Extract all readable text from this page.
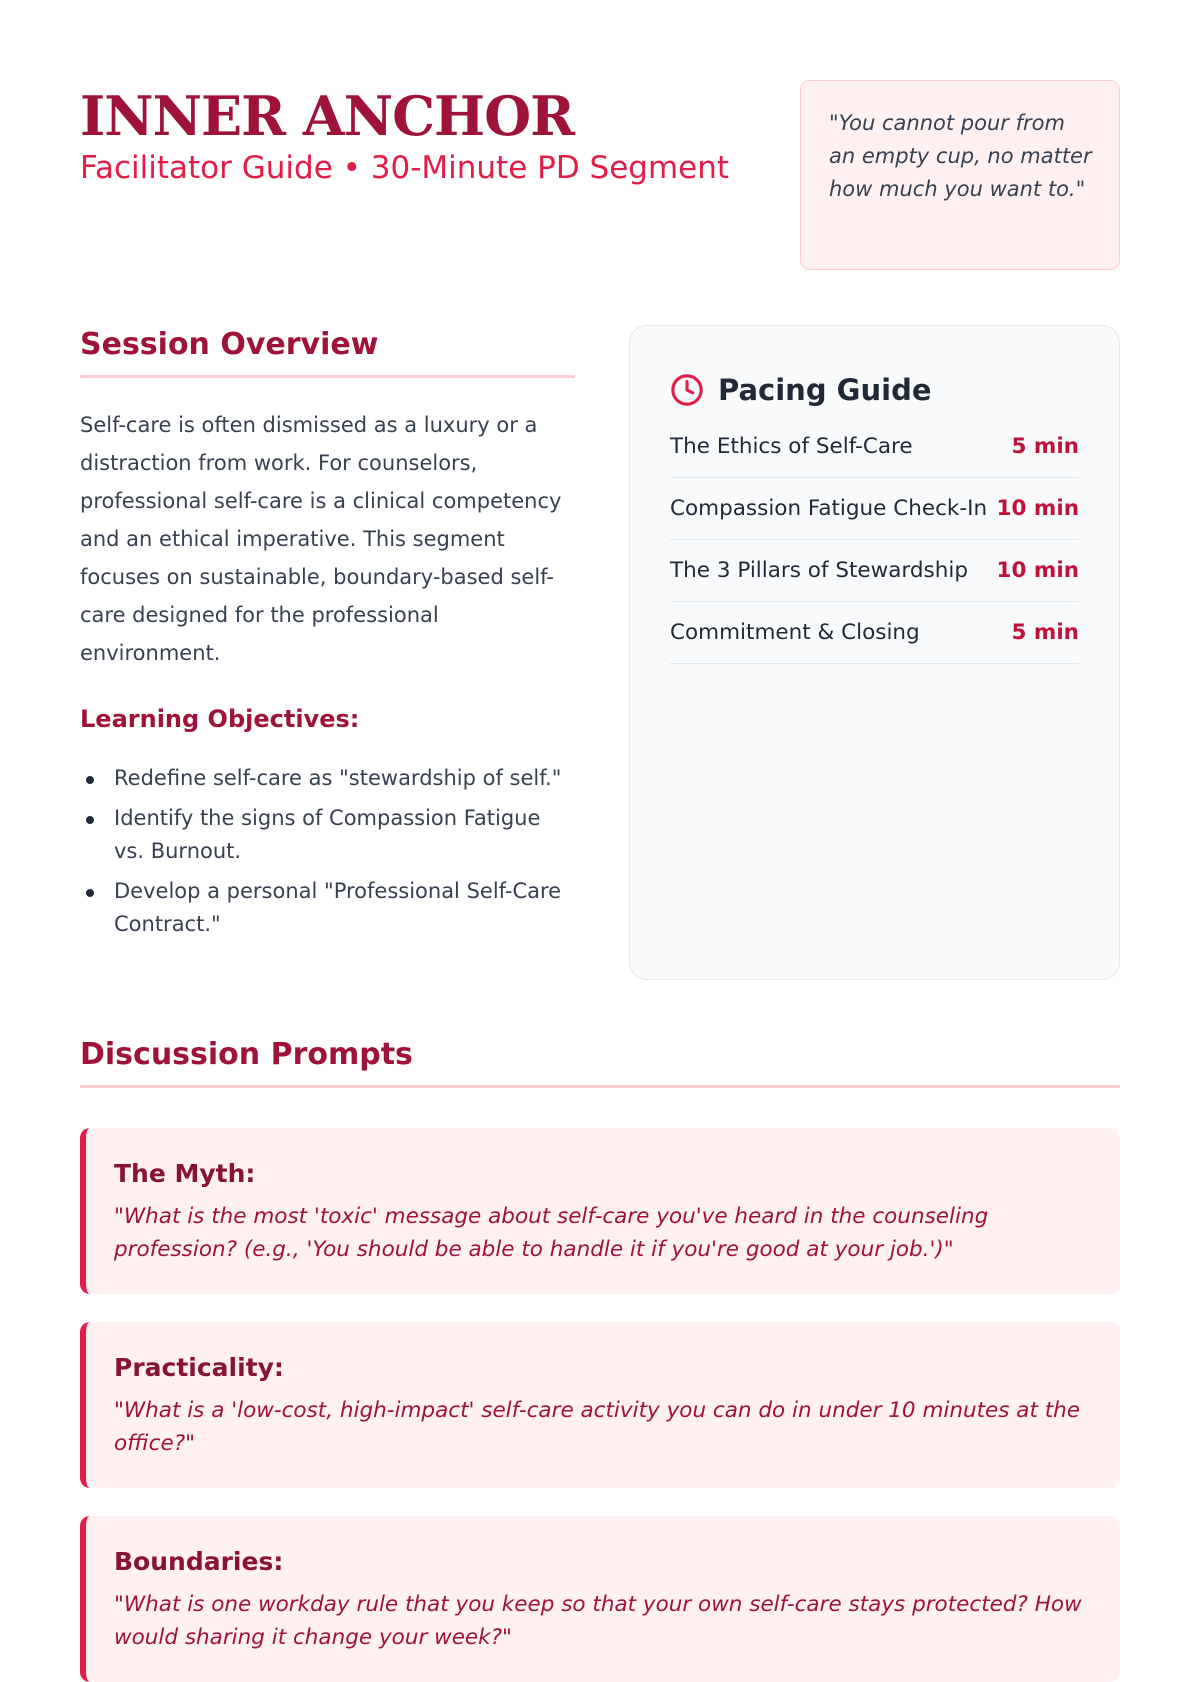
INNER ANCHOR
Facilitator Guide • 30-Minute PD Segment

"You cannot pour from an empty cup, no matter how much you want to."

Session Overview

Self-care is often dismissed as a luxury or a distraction from work. For counselors, professional self-care is a clinical competency and an ethical imperative. This segment focuses on sustainable, boundary-based self-care designed for the professional environment.

Learning Objectives:
Redefine self-care as "stewardship of self."
Identify the signs of Compassion Fatigue vs. Burnout.
Develop a personal "Professional Self-Care Contract."
Pacing Guide
The Ethics of Self-Care	5 min
Compassion Fatigue Check-In 10 min
The 3 Pillars of Stewardship 10 min
Commitment & Closing	5 min
Discussion Prompts
The Myth:

"What is the most 'toxic' message about self-care you've heard in the counseling profession? (e.g., 'You should be able to handle it if you're good at your job.')"

Practicality:

"What is a 'low-cost, high-impact' self-care activity you can do in under 10 minutes at the office?"

Boundaries:

"What is one workday rule that you keep so that your own self-care stays protected? How would sharing it change your week?"
